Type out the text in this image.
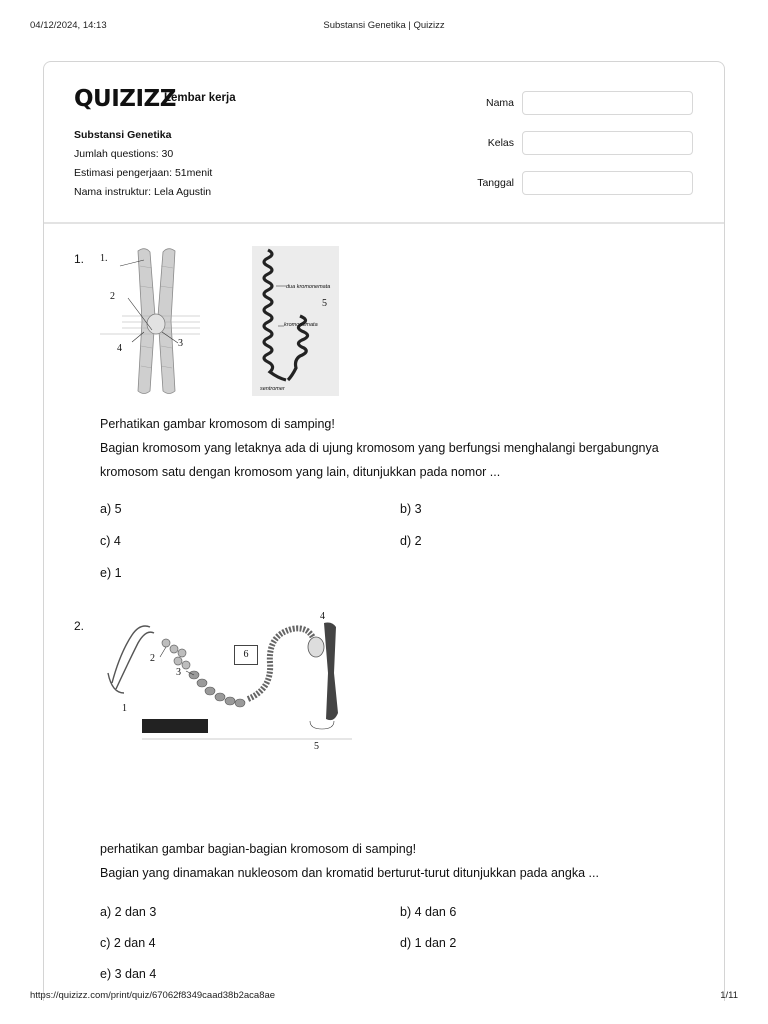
04/12/2024, 14:13	Substansi Genetika | Quizizz
QUIZIZZ
Lembar kerja
Substansi Genetika
Jumlah questions: 30
Estimasi pengerjaan: 51menit
Nama instruktur: Lela Agustin
Nama
Kelas
Tanggal
1. 1.
2
3
4
5
dua kromonemata
kromonemata
sentromer
Perhatikan gambar kromosom di samping!
Bagian kromosom yang letaknya ada di ujung kromosom yang berfungsi menghalangi bergabungnya
kromosom satu dengan kromosom yang lain, ditunjukkan pada nomor ...
a) 5	b) 3
c) 4	d) 2
e) 1
2.
1
2
3
4
5
6
perhatikan gambar bagian-bagian kromosom di samping!
Bagian yang dinamakan nukleosom dan kromatid berturut-turut ditunjukkan pada angka ...
a) 2 dan 3	b) 4 dan 6
c) 2 dan 4	d) 1 dan 2
e) 3 dan 4
https://quizizz.com/print/quiz/67062f8349caad38b2aca8ae	1/11
